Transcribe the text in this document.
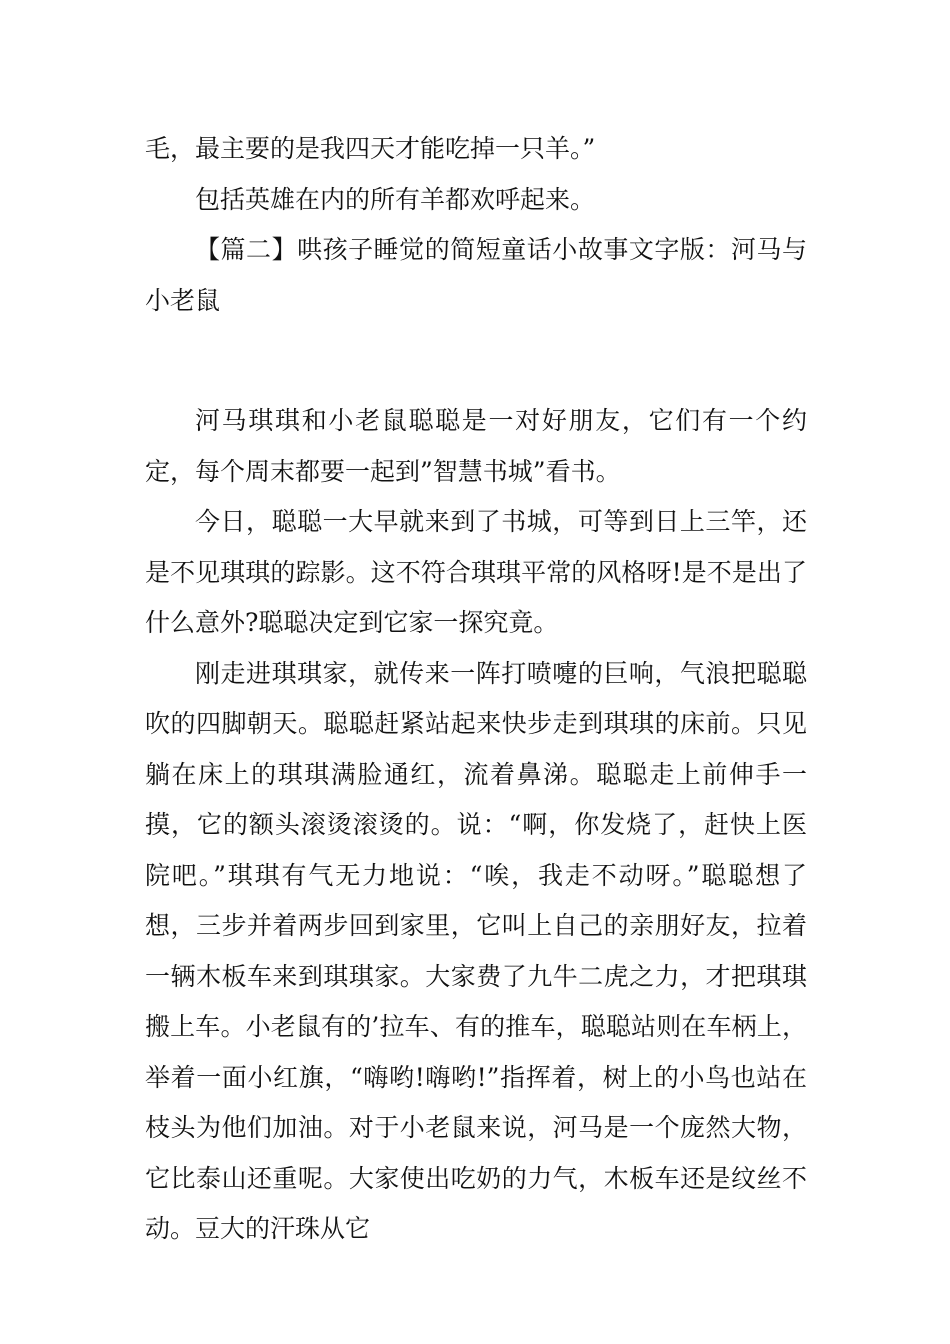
毛，最主要的是我四天才能吃掉一只羊。”

包括英雄在内的所有羊都欢呼起来。

【篇二】哄孩子睡觉的简短童话小故事文字版：河马与小老鼠

河马琪琪和小老鼠聪聪是一对好朋友，它们有一个约定，每个周末都要一起到”智慧书城”看书。

今日，聪聪一大早就来到了书城，可等到日上三竿，还是不见琪琪的踪影。这不符合琪琪平常的风格呀!是不是出了什么意外?聪聪决定到它家一探究竟。

刚走进琪琪家，就传来一阵打喷嚏的巨响，气浪把聪聪吹的四脚朝天。聪聪赶紧站起来快步走到琪琪的床前。只见躺在床上的琪琪满脸通红，流着鼻涕。聪聪走上前伸手一摸，它的额头滚烫滚烫的。说：“啊，你发烧了，赶快上医院吧。”琪琪有气无力地说：“唉，我走不动呀。”聪聪想了想，三步并着两步回到家里，它叫上自己的亲朋好友，拉着一辆木板车来到琪琪家。大家费了九牛二虎之力，才把琪琪搬上车。小老鼠有的’拉车、有的推车，聪聪站则在车柄上，举着一面小红旗，“嗨哟!嗨哟!”指挥着，树上的小鸟也站在枝头为他们加油。对于小老鼠来说，河马是一个庞然大物，它比泰山还重呢。大家使出吃奶的力气，木板车还是纹丝不动。豆大的汗珠从它
